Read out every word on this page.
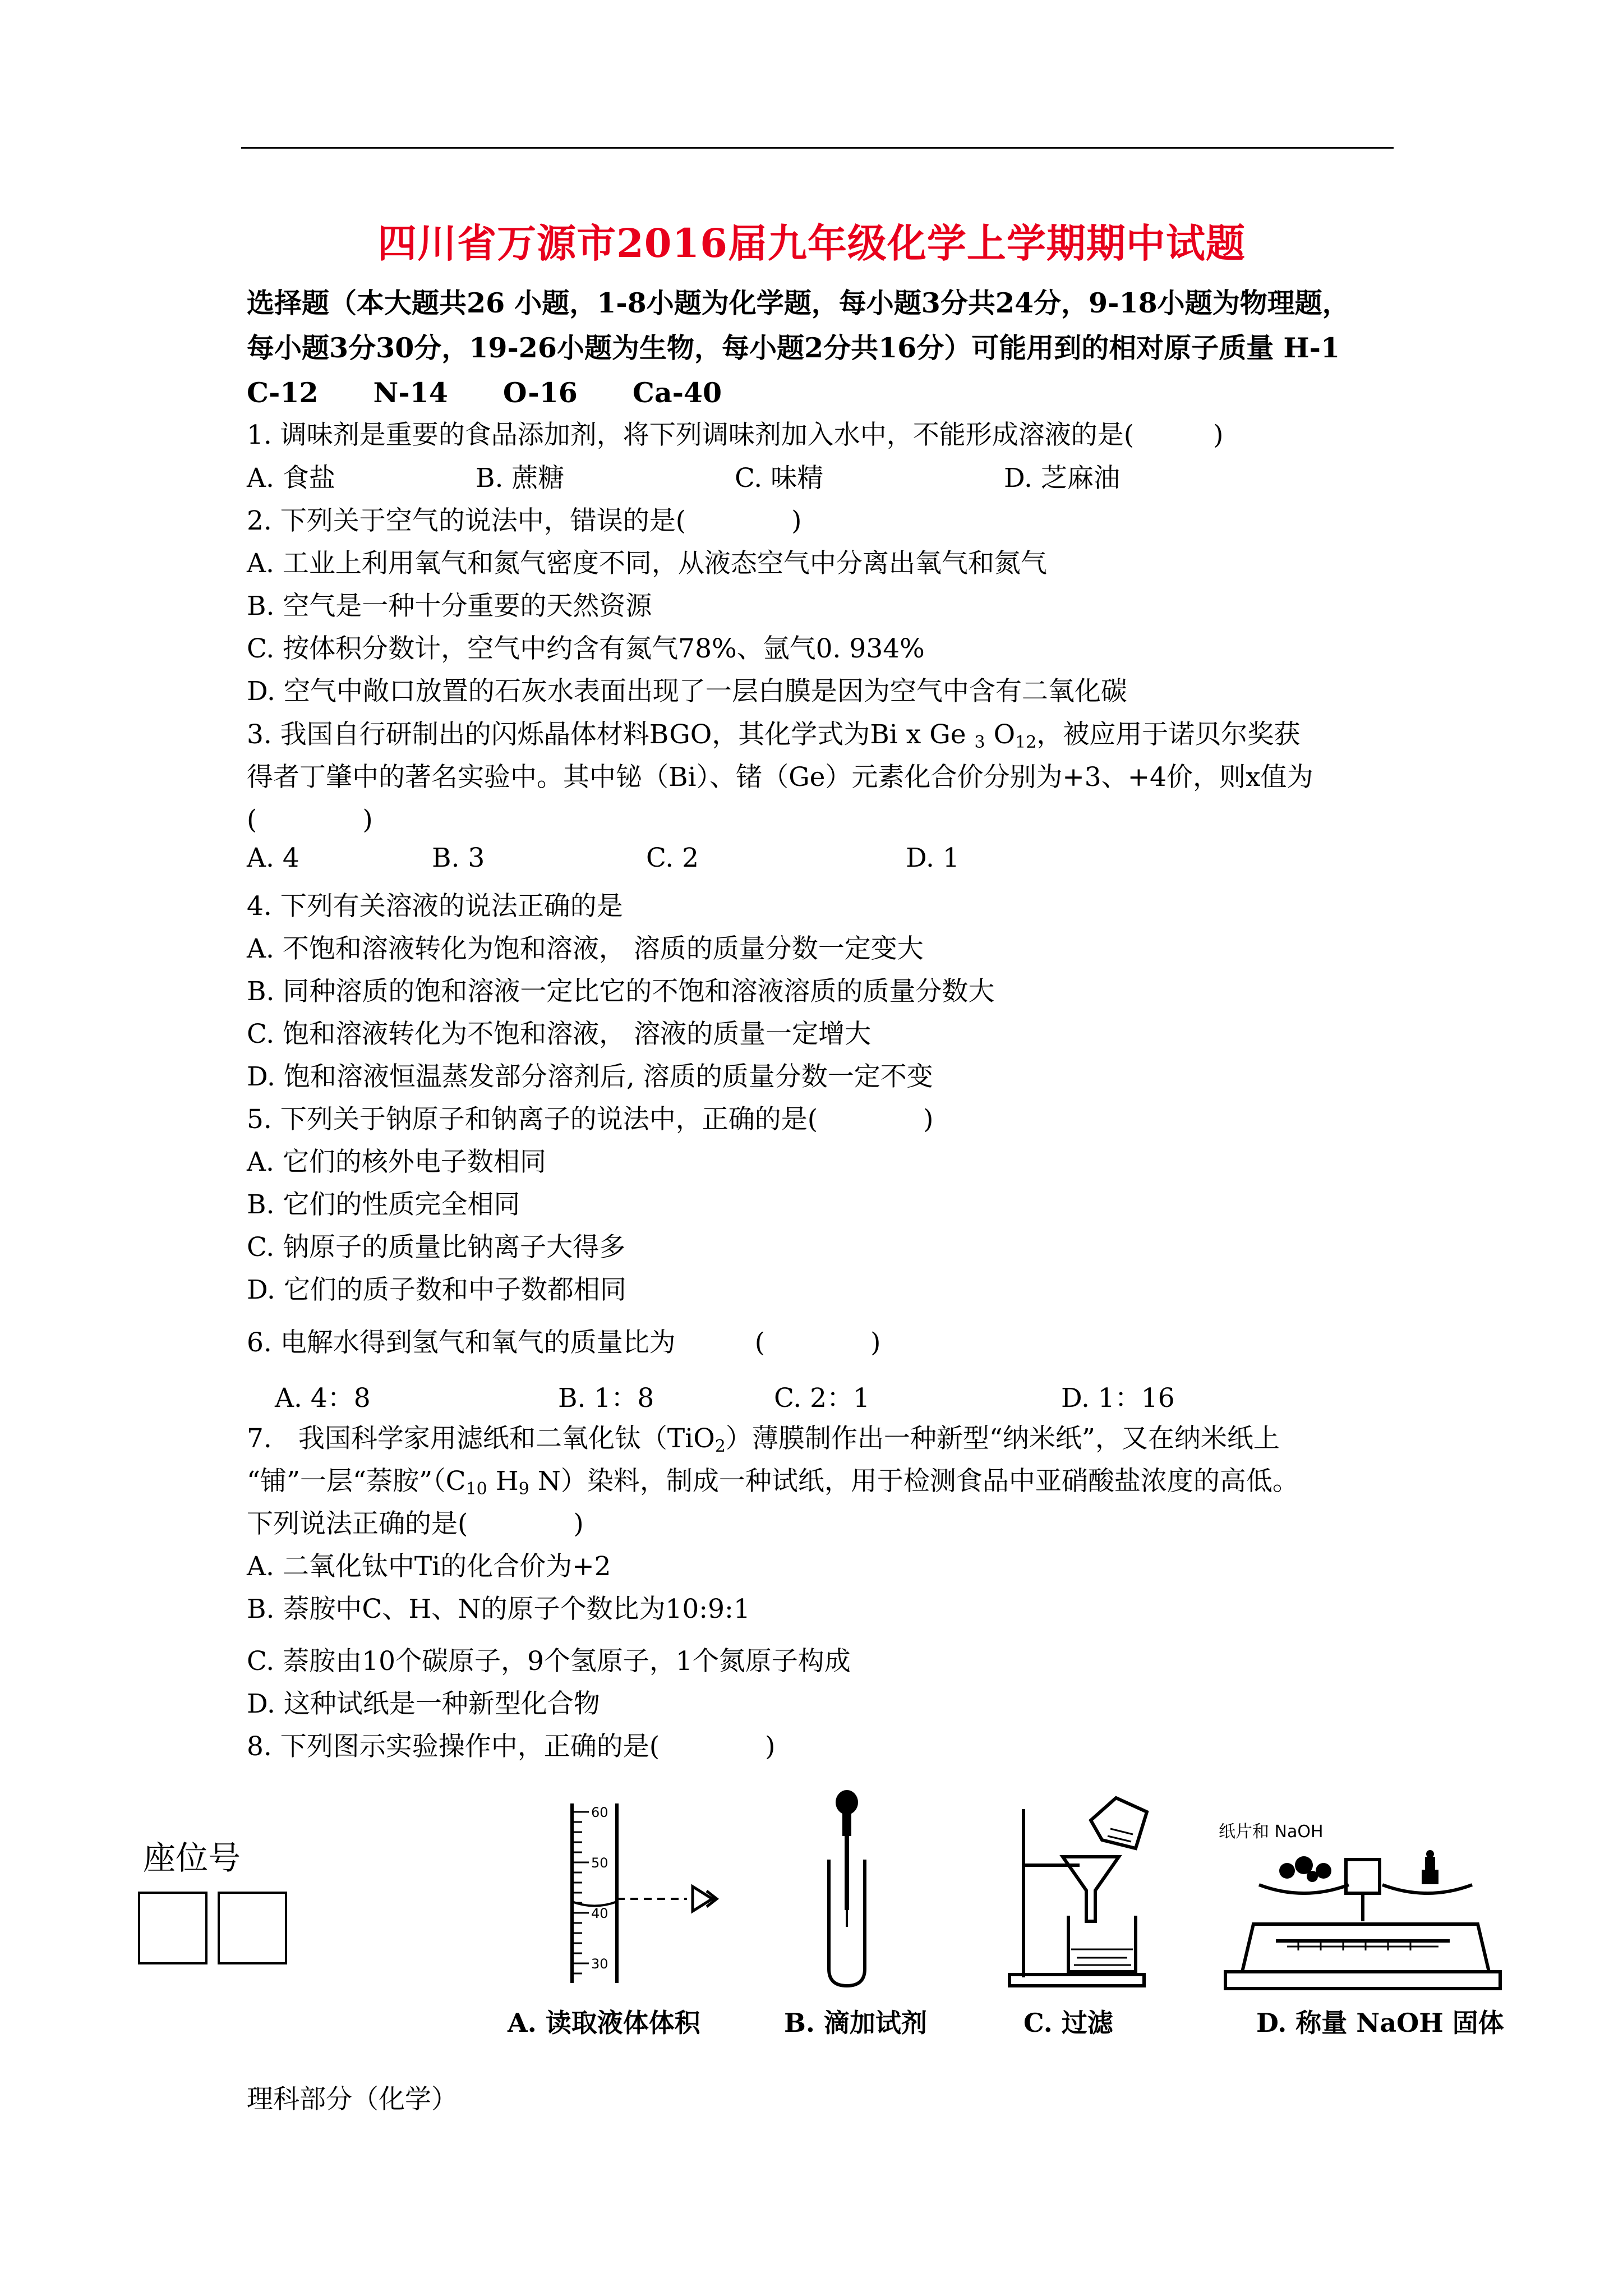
四川省万源市2016届九年级化学上学期期中试题
选择题（本大题共26 小题，1-8小题为化学题，每小题3分共24分，9-18小题为物理题，
每小题3分30分，19-26小题为生物，每小题2分共16分）可能用到的相对原子质量 H-1
C-12　　N-14　　O-16　　Ca-40
1. 调味剂是重要的食品添加剂，将下列调味剂加入水中，不能形成溶液的是(　　　)
A. 食盐	B. 蔗糖	C. 味精	D. 芝麻油
2. 下列关于空气的说法中，错误的是(　　　　)
A. 工业上利用氧气和氮气密度不同，从液态空气中分离出氧气和氮气
B. 空气是一种十分重要的天然资源
C. 按体积分数计，空气中约含有氮气78%、氩气0. 934%
D. 空气中敞口放置的石灰水表面出现了一层白膜是因为空气中含有二氧化碳
3. 我国自行研制出的闪烁晶体材料BGO，其化学式为Bi x Ge $_3$ $O_{12}$，被应用于诺贝尔奖获
得者丁肇中的著名实验中。其中铋（Bi）、锗（Ge）元素化合价分别为+3、+4价，则x值为
(　　　　)
A. 4	B. 3	C. 2	D. 1
4. 下列有关溶液的说法正确的是
A. 不饱和溶液转化为饱和溶液， 溶质的质量分数一定变大
B. 同种溶质的饱和溶液一定比它的不饱和溶液溶质的质量分数大
C. 饱和溶液转化为不饱和溶液， 溶液的质量一定增大
D. 饱和溶液恒温蒸发部分溶剂后, 溶质的质量分数一定不变
5. 下列关于钠原子和钠离子的说法中，正确的是(　　　　)
A. 它们的核外电子数相同
B. 它们的性质完全相同
C. 钠原子的质量比钠离子大得多
D. 它们的质子数和中子数都相同
6. 电解水得到氢气和氧气的质量比为　　　(　　　　)
A. 4：8	B. 1：8	C. 2：1	D. 1：16
7.　我国科学家用滤纸和二氧化钛（TiO$_2$）薄膜制作出一种新型“纳米纸”，又在纳米纸上
“铺”一层“萘胺$”(C_{10}$ $H_9$ N）染料，制成一种试纸，用于检测食品中亚硝酸盐浓度的高低。
下列说法正确的是(　　　　)
A. 二氧化钛中Ti的化合价为+2
B. 萘胺中C、H、N的原子个数比为10:9:1
C. 萘胺由10个碳原子，9个氢原子，1个氮原子构成
D. 这种试纸是一种新型化合物
8. 下列图示实验操作中，正确的是(　　　　)
座位号
60
50
40
30
A. 读取液体体积	B. 滴加试剂	C. 过滤
纸片和 NaOH
D. 称量 NaOH 固体
理科部分（化学）
